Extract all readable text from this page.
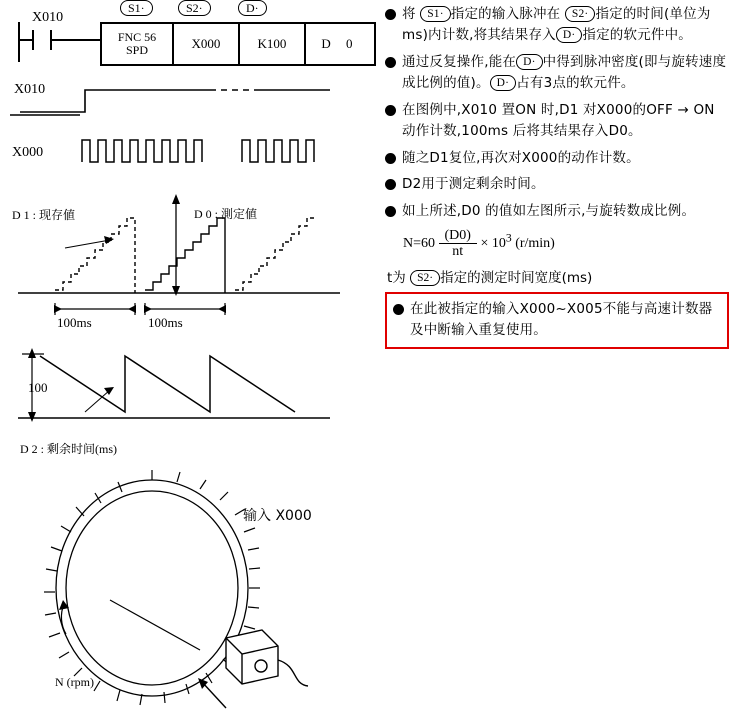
X010
FNC 56
SPD	X000	K100	D 0
S1·	S2·	D·
X010
X000
D 1 : 现存値	D 0 : 測定値
100ms	100ms
100
D 2 : 剩余时间(ms)
输入 X000
N (rpm)
将 S1· 指定的输入脉冲在 S2· 指定的时间(单位为ms)内计数,将其结果存入 D· 指定的软元件中。
通过反复操作,能在 D· 中得到脉冲密度(即与旋转速度成比例的值)。 D· 占有3点的软元件。
在图例中,X010 置ON 时,D1 对X000的OFF → ON 动作计数,100ms 后将其结果存入D0。
随之D1复位,再次对X000的动作计数。
D2用于测定剩余时间。
如上所述,D0 的值如左图所示,与旋转数成比例。
$N=60 \frac{(D0)}{nt} \times 10^3$ (r/min)
t为 S2· 指定的测定时间宽度(ms)
在此被指定的输入X000~X005不能与高速计数器及中断输入重复使用。
